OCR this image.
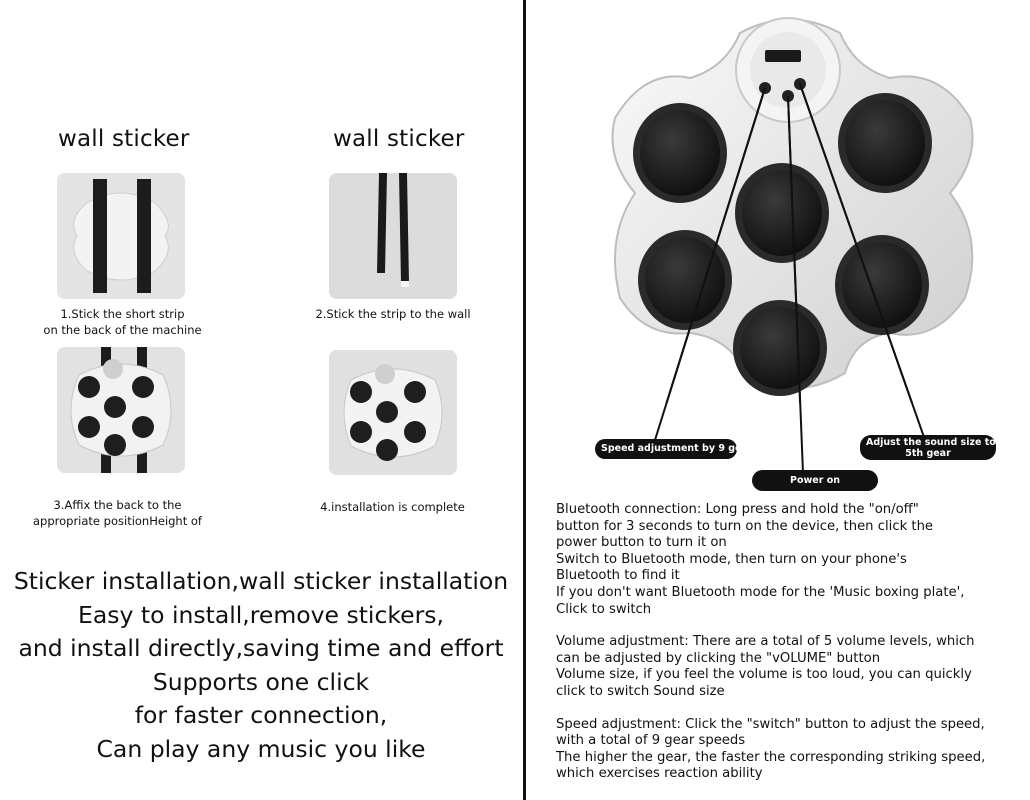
wall sticker	wall sticker
1.Stick the short strip
on the back of the machine
2.Stick the strip to the wall
3.Affix the back to the
appropriate positionHeight of
4.installation is complete
Sticker installation,wall sticker installation
Easy to install,remove stickers,
and install directly,saving time and effort
Supports one click
for faster connection,
Can play any music you like
Speed adjustment by 9 gears
Adjust the sound size to
5th gear
Power on

Bluetooth connection: Long press and hold the "on/off"

button for 3 seconds to turn on the device, then click the

power button to turn it on

Switch to Bluetooth mode, then turn on your phone's

Bluetooth to find it

If you don't want Bluetooth mode for the 'Music boxing plate',

Click to switch

Volume adjustment: There are a total of 5 volume levels, which

can be adjusted by clicking the "vOLUME" button

Volume size, if you feel the volume is too loud, you can quickly

click to switch Sound size

Speed adjustment: Click the "switch" button to adjust the speed,

with a total of 9 gear speeds

The higher the gear, the faster the corresponding striking speed,

which exercises reaction ability
